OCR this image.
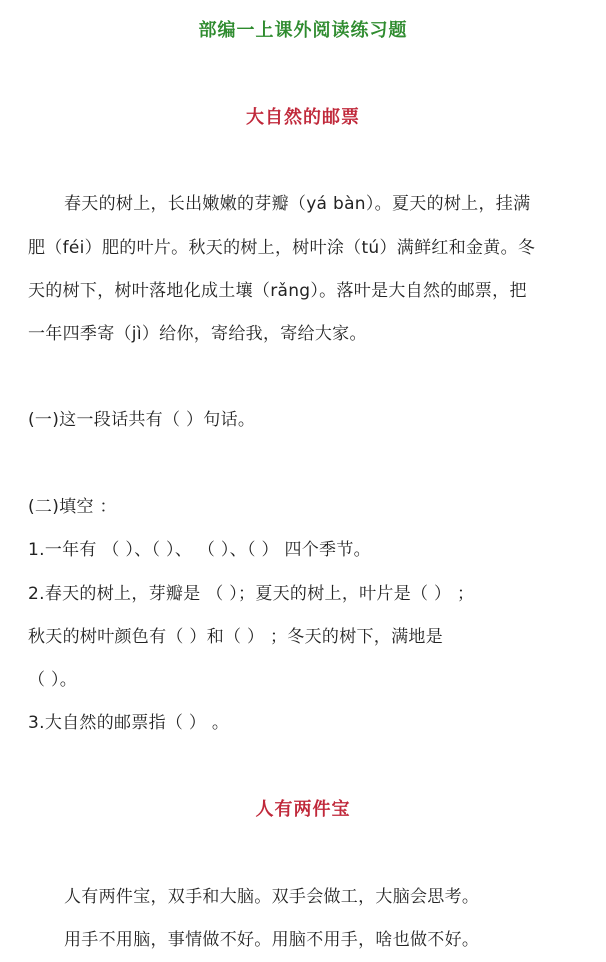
部编一上课外阅读练习题
大自然的邮票
春天的树上，长出嫩嫩的芽瓣（yá bàn）。夏天的树上，挂满
肥（féi）肥的叶片。秋天的树上，树叶涂（tú）满鲜红和金黄。冬
天的树下，树叶落地化成土壤（rǎng）。落叶是大自然的邮票，把
一年四季寄（jì）给你，寄给我，寄给大家。
(一)这一段话共有（ ）句话。
(二)填空 ：
1.一年有 （ ）、（ ）、 （ ）、（ ） 四个季节。
2.春天的树上，芽瓣是 （ ）；夏天的树上，叶片是（ ） ；
秋天的树叶颜色有（ ）和（ ） ；冬天的树下，满地是
（ ）。
3.大自然的邮票指（ ） 。
人有两件宝
人有两件宝，双手和大脑。双手会做工，大脑会思考。
用手不用脑，事情做不好。用脑不用手，啥也做不好。
